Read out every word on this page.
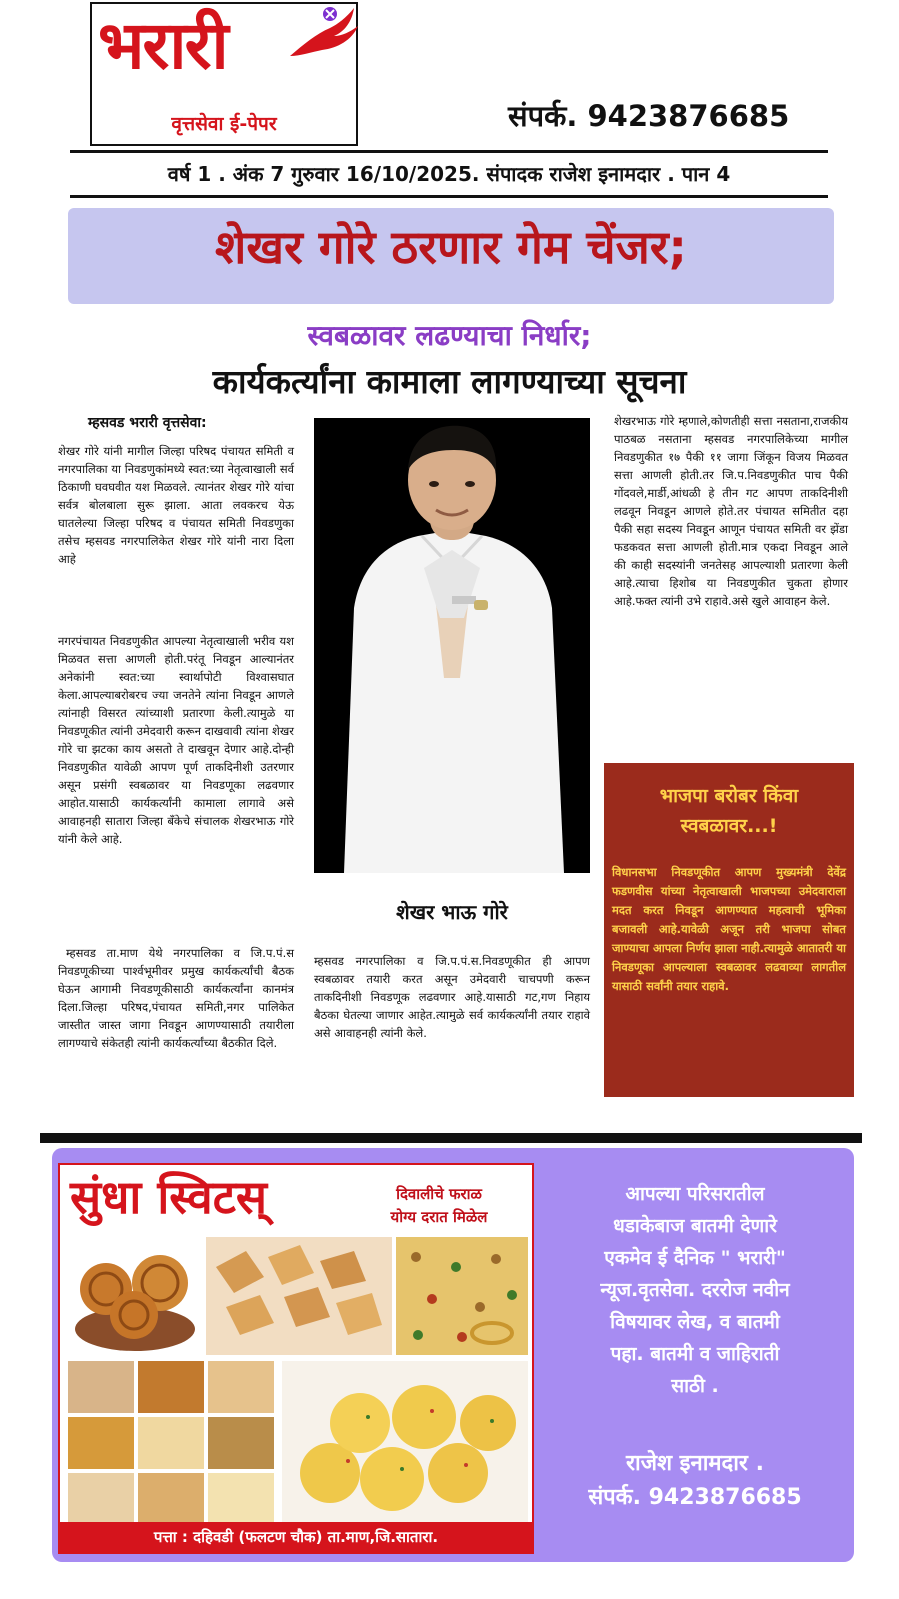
भरारी
वृत्तसेवा ई-पेपर	संपर्क. 9423876685
वर्ष 1 . अंक 7 गुरुवार 16/10/2025. संपादक राजेश इनामदार . पान 4
शेखर गोरे ठरणार गेम चेंजर;
स्वबळावर लढण्याचा निर्धार;
कार्यकर्त्यांना कामाला लागण्याच्या सूचना
म्हसवड भरारी वृत्तसेवा:
शेखर गोरे यांनी मागील जिल्हा परिषद पंचायत समिती व नगरपालिका या निवडणुकांमध्ये स्वत:च्या नेतृत्वाखाली सर्व ठिकाणी घवघवीत यश मिळवले. त्यानंतर शेखर गोरे यांचा सर्वत्र बोलबाला सुरू झाला. आता लवकरच येऊ घातलेल्या जिल्हा परिषद व पंचायत समिती निवडणुका तसेच म्हसवड नगरपालिकेत शेखर गोरे यांनी नारा दिला आहे
नगरपंचायत निवडणुकीत आपल्या नेतृत्वाखाली भरीव यश मिळवत सत्ता आणली होती.परंतू निवडून आल्यानंतर अनेकांनी स्वत:च्या स्वार्थापोटी विश्वासघात केला.आपल्याबरोबरच ज्या जनतेने त्यांना निवडून आणले त्यांनाही विसरत त्यांच्याशी प्रतारणा केली.त्यामुळे या निवडणूकीत त्यांनी उमेदवारी करून दाखवावी त्यांना शेखर गोरे चा झटका काय असतो ते दाखवून देणार आहे.दोन्ही निवडणुकीत यावेळी आपण पूर्ण ताकदिनीशी उतरणार असून प्रसंगी स्वबळावर या निवडणूका लढवणार आहोत.यासाठी कार्यकर्त्यांनी कामाला लागावे असे आवाहनही सातारा जिल्हा बँकेचे संचालक शेखरभाऊ गोरे यांनी केले आहे.
म्हसवड ता.माण येथे नगरपालिका व जि.प.पं.स निवडणूकीच्या पार्श्वभूमीवर प्रमुख कार्यकर्त्यांची बैठक घेऊन आगामी निवडणूकीसाठी कार्यकर्त्यांना कानमंत्र दिला.जिल्हा परिषद,पंचायत समिती,नगर पालिकेत जास्तीत जास्त जागा निवडून आणण्यासाठी तयारीला लागण्याचे संकेतही त्यांनी कार्यकर्त्यांच्या बैठकीत दिले.
शेखर भाऊ गोरे
म्हसवड नगरपालिका व जि.प.पं.स.निवडणूकीत ही आपण स्वबळावर तयारी करत असून उमेदवारी चाचपणी करून ताकदिनीशी निवडणूक लढवणार आहे.यासाठी गट,गण निहाय बैठका घेतल्या जाणार आहेत.त्यामुळे सर्व कार्यकर्त्यांनी तयार राहावे असे आवाहनही त्यांनी केले.
शेखरभाऊ गोरे म्हणाले,कोणतीही सत्ता नसताना,राजकीय पाठबळ नसताना म्हसवड नगरपालिकेच्या मागील निवडणुकीत १७ पैकी ११ जागा जिंकून विजय मिळवत सत्ता आणली होती.तर जि.प.निवडणुकीत पाच पैकी गोंदवले,मार्डी,आंधळी हे तीन गट आपण ताकदिनीशी लढवून निवडून आणले होते.तर पंचायत समितीत दहा पैकी सहा सदस्य निवडून आणून पंचायत समिती वर झेंडा फडकवत सत्ता आणली होती.मात्र एकदा निवडून आले की काही सदस्यांनी जनतेसह आपल्याशी प्रतारणा केली आहे.त्याचा हिशोब या निवडणुकीत चुकता होणार आहे.फक्त त्यांनी उभे राहावे.असे खुले आवाहन केले.
भाजपा बरोबर किंवा
स्वबळावर...!
विधानसभा निवडणूकीत आपण मुख्यमंत्री देवेंद्र फडणवीस यांच्या नेतृत्वाखाली भाजपच्या उमेदवाराला मदत करत निवडून आणण्यात महत्वाची भूमिका बजावली आहे.यावेळी अजून तरी भाजपा सोबत जाण्याचा आपला निर्णय झाला नाही.त्यामुळे आतातरी या निवडणूका आपल्याला स्वबळावर लढवाव्या लागतील यासाठी सर्वांनी तयार राहावे.
सुंधा स्विटस्	दिवालीचे फराळ
योग्य दरात मिळेल
पत्ता : दहिवडी (फलटण चौक) ता.माण,जि.सातारा.
आपल्या परिसरातील
धडाकेबाज बातमी देणारे
एकमेव ई दैनिक " भरारी"
न्यूज.वृतसेवा. दररोज नवीन
विषयावर लेख, व बातमी
पहा. बातमी व जाहिराती
साठी .
राजेश इनामदार .
संपर्क. 9423876685
